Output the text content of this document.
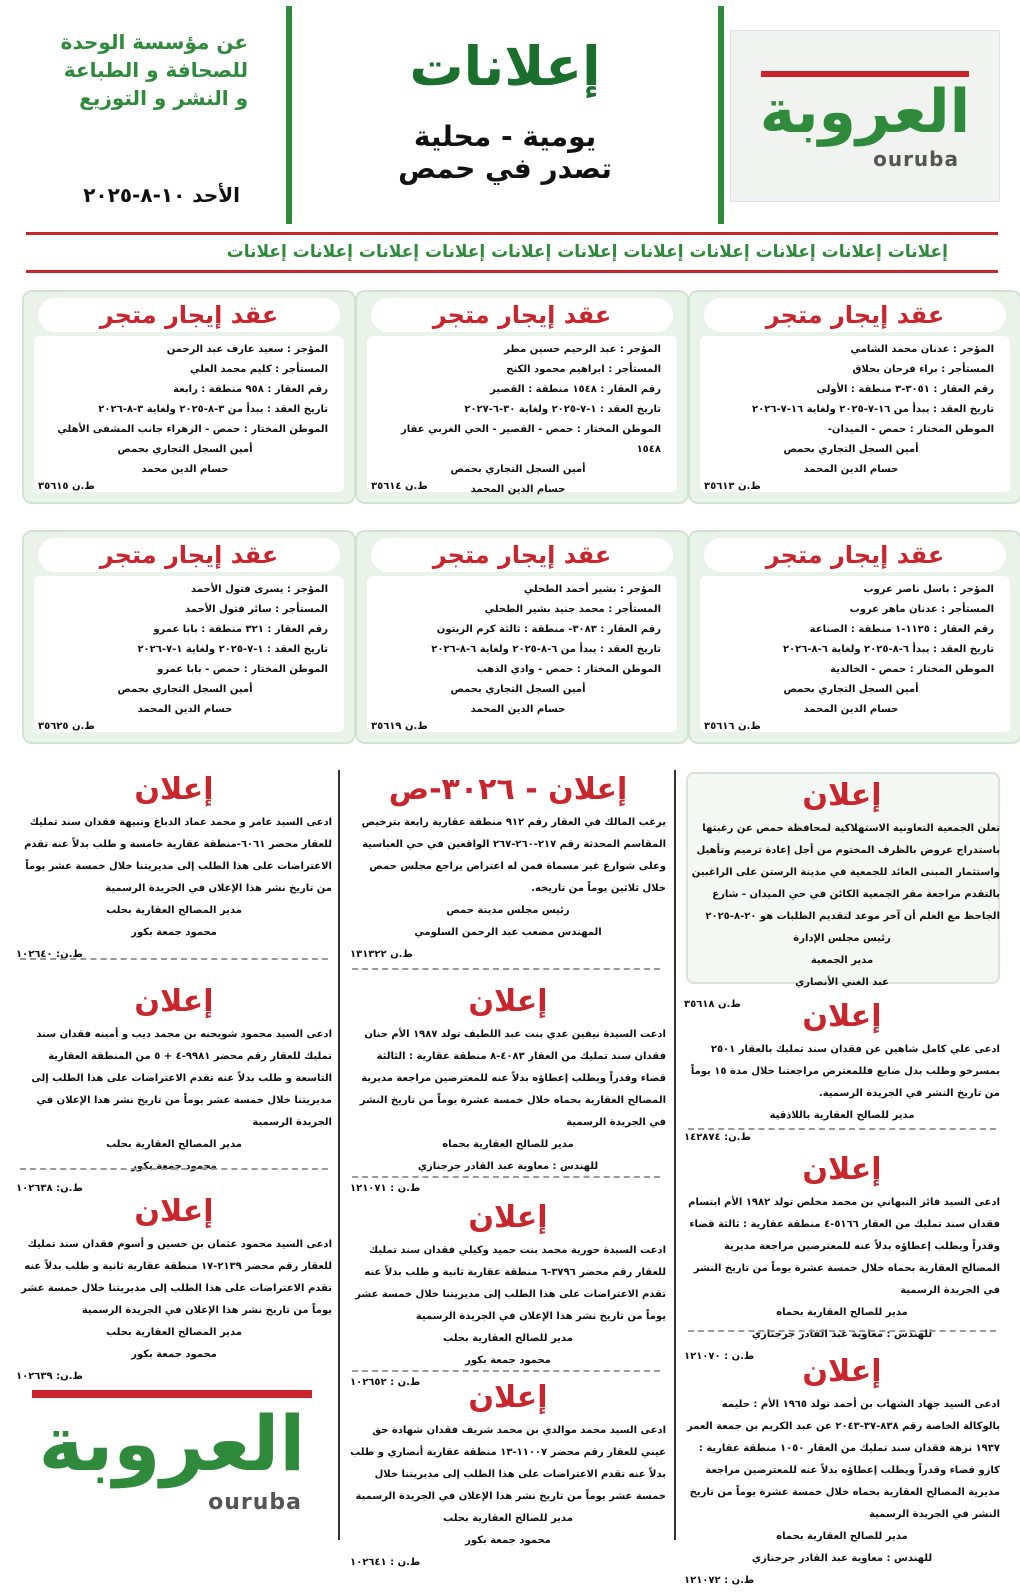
عن مؤسسة الوحدة
للصحافة و الطباعة
و النشر و التوزيع
الأحد ١٠-٨-٢٠٢٥
إعلانات
يومية - محلية
تصدر في حمص
العروبة
ouruba
إعلانات إعلانات إعلانات إعلانات إعلانات إعلانات إعلانات إعلانات إعلانات إعلانات إعلانات
عقد إيجار متجر
المؤجر : عدنان محمد الشامي
المستأجر : براء فرحان بحلاق
رقم العقار : ٣٠٥١-٣ منطقة : الأولى
تاريخ العقد : يبدأ من ١٦-٧-٢٠٢٥ ولغاية ١٦-٧-٢٠٢٦
الموطن المختار : حمص - الميدان-
أمين السجل التجاري بحمص
حسام الدين المحمد
ط.ن ٣٥٦١٣
عقد إيجار متجر
المؤجر : عبد الرحيم حسين مطر
المستأجر : ابراهيم محمود الكنج
رقم العقار : ١٥٤٨ منطقة : القصير
تاريخ العقد : ١-٧-٢٠٢٥ ولغاية ٣٠-٦-٢٠٢٧
الموطن المختار : حمص - القصير - الحي الغربي عقار ١٥٤٨
أمين السجل التجاري بحمص
حسام الدين المحمد
ط.ن ٣٥٦١٤
عقد إيجار متجر
المؤجر : سعيد عارف عبد الرحمن
المستأجر : كليم محمد العلي
رقم العقار : ٩٥٨ منطقة : رابعة
تاريخ العقد : يبدأ من ٣-٨-٢٠٢٥ ولغاية ٣-٨-٢٠٢٦
الموطن المختار : حمص - الزهراء جانب المشفى الأهلي
أمين السجل التجاري بحمص
حسام الدين محمد
ط.ن ٣٥٦١٥
عقد إيجار متجر
المؤجر : باسل ناصر عروب
المستأجر : عدنان ماهر عروب
رقم العقار : ١١٢٥-١ منطقة : الصناعة
تاريخ العقد : يبدأ ٦-٨-٢٠٢٥ ولغاية ٦-٨-٢٠٢٦
الموطن المختار : حمص - الخالدية
أمين السجل التجاري بحمص
حسام الدين المحمد
ط.ن ٣٥٦١٦
عقد إيجار متجر
المؤجر : بشير أحمد الطحلي
المستأجر : محمد جنيد بشير الطحلي
رقم العقار : ٣٠٨٣- منطقة : ثالثة كرم الزيتون
تاريخ العقد : يبدأ من ٦-٨-٢٠٢٥ ولغاية ٦-٨-٢٠٢٦
الموطن المختار : حمص - وادي الذهب
أمين السجل التجاري بحمص
حسام الدين المحمد
ط.ن ٣٥٦١٩
عقد إيجار متجر
المؤجر : يسرى فتول الأحمد
المستأجر : سائر فتول الأحمد
رقم العقار : ٣٢١ منطقة : بابا عمرو
تاريخ العقد : ١-٧-٢٠٢٥ ولغاية ١-٧-٢٠٢٦
الموطن المختار : حمص - بابا عمرو
أمين السجل التجاري بحمص
حسام الدين المحمد
ط.ن ٣٥٦٢٥
إعلان
تعلن الجمعية التعاونية الاستهلاكية لمحافظة حمص عن رغبتها باستدراج عروض بالظرف المختوم من أجل إعادة ترميم وتأهيل واستثمار المبنى العائد للجمعية في مدينة الرستن على الراغبين بالتقدم مراجعة مقر الجمعية الكائن في حي الميدان - شارع الجاحظ مع العلم أن آخر موعد لتقديم الطلبات هو ٢٠-٨-٢٠٢٥
رئيس مجلس الإدارة
مدير الجمعية
عبد الغني الأنصاري
ط.ن ٣٥٦١٨
إعلان - ٣٠٢٦-ص
يرغب المالك في العقار رقم ٩١٢ منطقة عقارية رابعة بترخيص المقاسم المحدثة رقم ٢١٧-٢٦٠-٢٦٧ الواقعين في حي العباسية وعلى شوارع غير مسماة فمن له اعتراض يراجع مجلس حمص خلال ثلاثين يوماً من تاريخه.
رئيس مجلس مدينة حمص
المهندس مصعب عبد الرحمن السلومي
ط.ن ١٣١٣٢٢
إعلان
ادعى السيد عامر و محمد عماد الدباغ ونبيهة فقدان سند تمليك للعقار محضر ٦٠٦١-منطقة عقارية خامسة و طلب بدلاً عنه تقدم الاعتراضات على هذا الطلب إلى مديريتنا خلال خمسة عشر يوماً من تاريخ نشر هذا الإعلان في الجريدة الرسمية
مدير المصالح العقارية بحلب
محمود جمعة بكور
ط.ن: ١٠٢٦٤٠
إعلان
ادعى علي كامل شاهين عن فقدان سند تمليك بالعقار ٢٥٠١ بمسرخو وطلب بدل ضايع فللمعترض مراجعتنا خلال مدة ١٥ يوماً من تاريخ النشر في الجريدة الرسمية.
مدير للصالح العقارية باللاذقية
ط.ن: ١٤٢٨٧٤
إعلان
ادعت السيدة نيفين عدي بنت عبد اللطيف تولد ١٩٨٧ الأم حنان فقدان سند تمليك من العقار ٤٠٨٣-٨ منطقة عقارية : الثالثة قضاء وقدراً ويطلب إعطاؤه بدلاً عنه للمعترضين مراجعة مديرية المصالح العقارية بحماه خلال خمسة عشرة يوماً من تاريخ النشر في الجريدة الرسمية
مدير للصالح العقارية بحماه
للهندس : معاوية عبد القادر جرجنازي
ط.ن : ١٢١٠٧١
إعلان
ادعى السيد محمود شويحنه بن محمد ديب و أمينه فقدان سند تمليك للعقار رقم محضر ٩٩٨١-٤ + ٥ من المنطقة العقارية التاسعة و طلب بدلاً عنه تقدم الاعتراضات على هذا الطلب إلى مديريتنا خلال خمسة عشر يوماً من تاريخ نشر هذا الإعلان في الجريدة الرسمية
مدير المصالح العقارية بحلب
محمود جمعة بكور
ط.ن: ١٠٢٦٣٨
إعلان
ادعى السيد فائز النبهاني بن محمد مخلص تولد ١٩٨٢ الأم ابتسام فقدان سند تمليك من العقار ٥١٦٦-٤ منطقة عقارية : ثالثة قضاء وقدراً ويطلب إعطاؤه بدلاً عنه للمعترضين مراجعة مديرية المصالح العقارية بحماه خلال خمسة عشرة يوماً من تاريخ النشر في الجريدة الرسمية
مدير للصالح العقارية بحماه
للهندس : معاوية عبد القادر جرجنازي
ط.ن : ١٢١٠٧٠
إعلان
ادعت السيدة حورية محمد بنت حميد وكيلي فقدان سند تمليك للعقار رقم محضر ٣٧٩٦-٦ منطقة عقارية ثانية و طلب بدلاً عنه تقدم الاعتراضات على هذا الطلب إلى مديريتنا خلال خمسة عشر يوماً من تاريخ نشر هذا الإعلان في الجريدة الرسمية
مدير للصالح العقارية بحلب
محمود جمعة بكور
ط.ن : ١٠٢٦٥٢
إعلان
ادعى السيد محمود عثمان بن حسين و أسوم فقدان سند تمليك للعقار رقم محضر ٢١٣٩-١٧ منطقة عقارية ثانية و طلب بدلاً عنه تقدم الاعتراضات على هذا الطلب إلى مديريتنا خلال خمسة عشر يوماً من تاريخ نشر هذا الإعلان في الجريدة الرسمية
مدير المصالح العقارية بحلب
محمود جمعة بكور
ط.ن: ١٠٢٦٣٩	إعلان
ادعى السيد جهاد الشهاب بن أحمد تولد ١٩٦٥ الأم : حليمه بالوكالة الخاصة رقم ٨٣٨-٣٧-٢٠٤٣ عن عبد الكريم بن جمعة العمر ١٩٣٧ نزهة فقدان سند تمليك من العقار ١٠٥٠ منطقة عقارية : كازو قضاء وقدراً ويطلب إعطاؤه بدلاً عنه للمعترضين مراجعة مديرية المصالح العقارية بحماه خلال خمسة عشرة يوماً من تاريخ النشر في الجريدة الرسمية
مدير للصالح العقارية بحماه
للهندس : معاوية عبد القادر جرجنازي
ط.ن : ١٢١٠٧٢
إعلان
ادعى السيد محمد موالدي بن محمد شريف فقدان شهادة حق عيني للعقار رقم محضر ١١٠٠٧-١٣ منطقة عقارية أنصاري و طلب بدلاً عنه تقدم الاعتراضات على هذا الطلب إلى مديريتنا خلال خمسة عشر يوماً من تاريخ نشر هذا الإعلان في الجريدة الرسمية
مدير للصالح العقارية بحلب
محمود جمعة بكور
ط.ن : ١٠٢٦٤١
العروبة
ouruba
